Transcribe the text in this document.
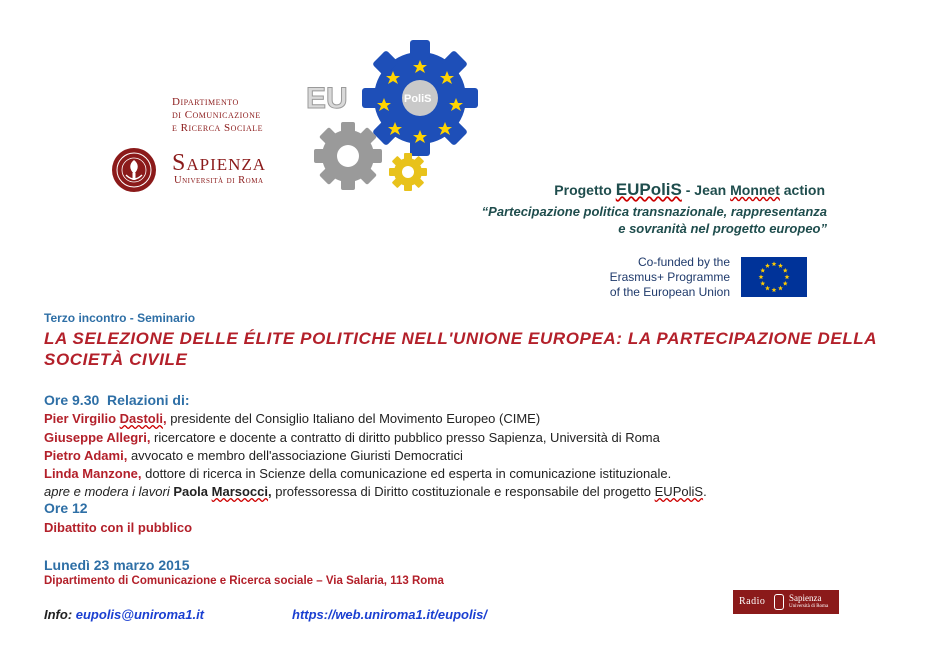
Dipartimento
di Comunicazione
e Ricerca Sociale
Sapienza
Università di Roma
EU	PoliS
Progetto EUPoliS - Jean Monnet action
“Partecipazione politica transnazionale, rappresentanza
e sovranità nel progetto europeo”
Co-funded by the
Erasmus+ Programme
of the European Union
Terzo incontro - Seminario
LA SELEZIONE DELLE ÉLITE POLITICHE NELL'UNIONE EUROPEA: LA PARTECIPAZIONE DELLA SOCIETÀ CIVILE
Ore 9.30  Relazioni di:
Pier Virgilio Dastoli, presidente del Consiglio Italiano del Movimento Europeo (CIME)
Giuseppe Allegri, ricercatore e docente a contratto di diritto pubblico presso Sapienza, Università di Roma
Pietro Adami, avvocato e membro dell'associazione Giuristi Democratici
Linda Manzone, dottore di ricerca in Scienze della comunicazione ed esperta in comunicazione istituzionale.
apre e modera i lavori Paola Marsocci, professoressa di Diritto costituzionale e responsabile del progetto EUPoliS.
Ore 12
Dibattito con il pubblico
Lunedì 23 marzo 2015
Dipartimento di Comunicazione e Ricerca sociale – Via Salaria, 113 Roma
Info: eupolis@uniroma1.it	https://web.uniroma1.it/eupolis/
Radio	Sapienza
Università di Roma
